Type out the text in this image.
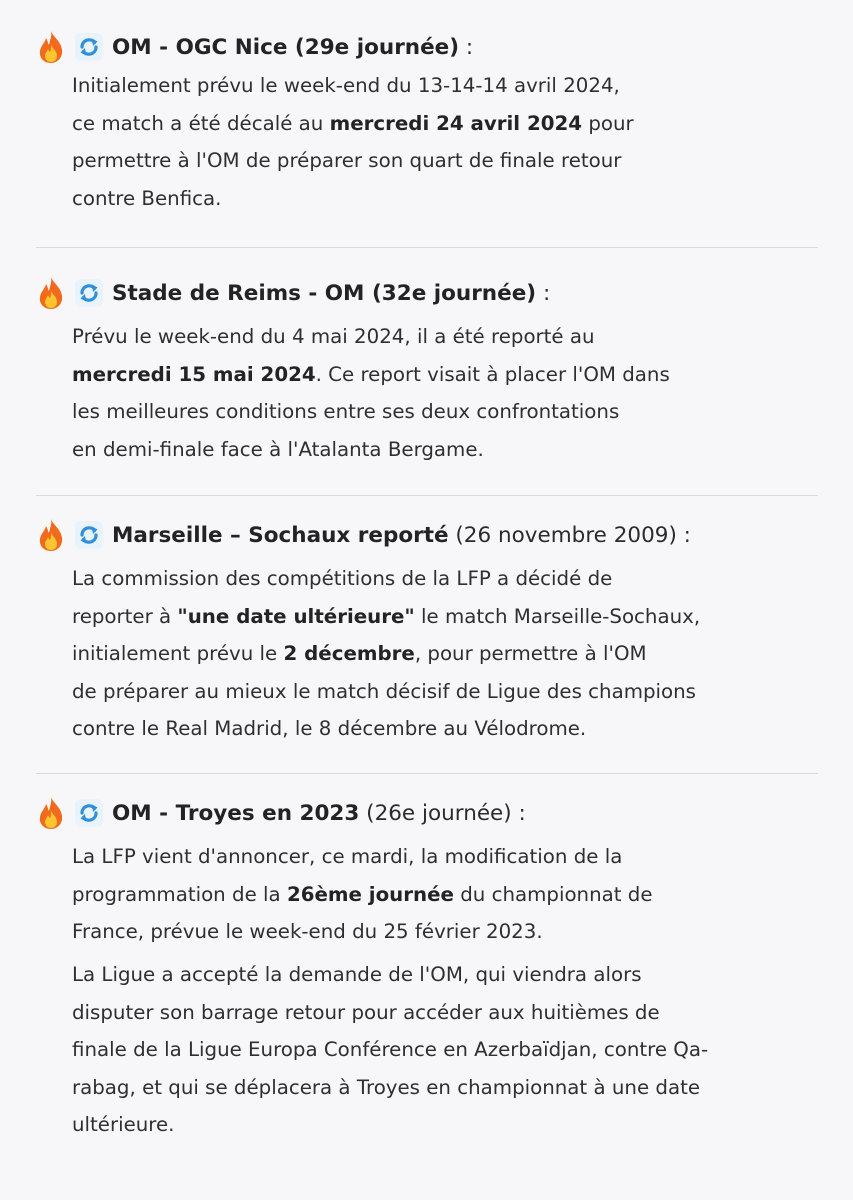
OM - OGC Nice (29e journée) :
Initialement prévu le week-end du 13-14-14 avril 2024,
ce match a été décalé au mercredi 24 avril 2024 pour
permettre à l'OM de préparer son quart de finale retour
contre Benfica.
Stade de Reims - OM (32e journée) :
Prévu le week-end du 4 mai 2024, il a été reporté au
mercredi 15 mai 2024. Ce report visait à placer l'OM dans
les meilleures conditions entre ses deux confrontations
en demi-finale face à l'Atalanta Bergame.
Marseille – Sochaux reporté (26 novembre 2009) :
La commission des compétitions de la LFP a décidé de
reporter à "une date ultérieure" le match Marseille-Sochaux,
initialement prévu le 2 décembre, pour permettre à l'OM
de préparer au mieux le match décisif de Ligue des champions
contre le Real Madrid, le 8 décembre au Vélodrome.
OM - Troyes en 2023 (26e journée) :
La LFP vient d'annoncer, ce mardi, la modification de la
programmation de la 26ème journée du championnat de
France, prévue le week-end du 25 février 2023.
La Ligue a accepté la demande de l'OM, qui viendra alors
disputer son barrage retour pour accéder aux huitièmes de
finale de la Ligue Europa Conférence en Azerbaïdjan, contre Qa-
rabag, et qui se déplacera à Troyes en championnat à une date
ultérieure.
